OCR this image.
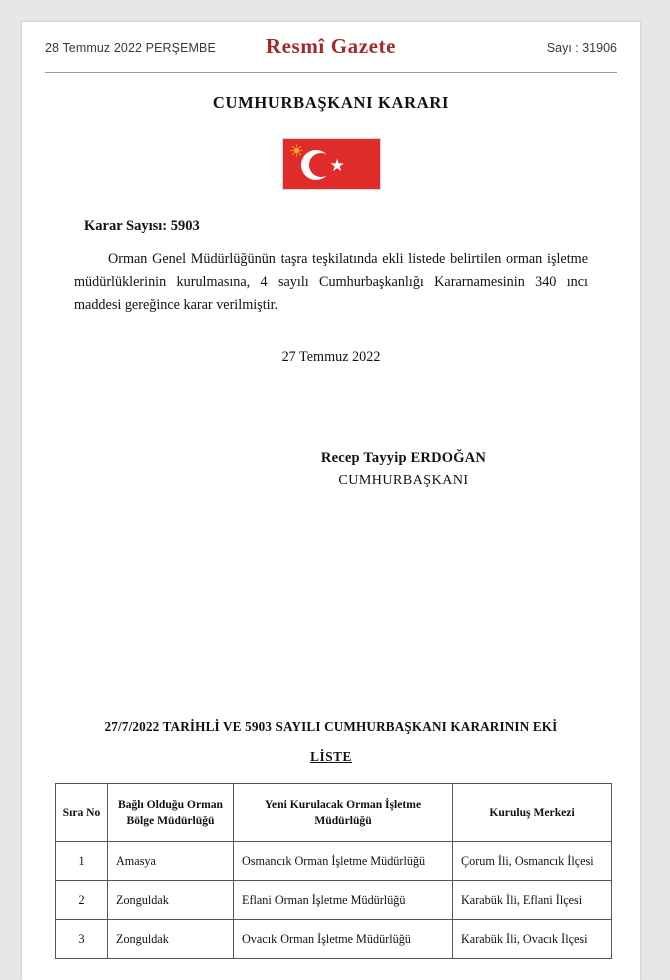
28 Temmuz 2022 PERŞEMBE	Resmî Gazete	Sayı : 31906
CUMHURBAŞKANI KARARI
★
Karar Sayısı: 5903
Orman Genel Müdürlüğünün taşra teşkilatında ekli listede belirtilen orman işletme müdürlüklerinin kurulmasına, 4 sayılı Cumhurbaşkanlığı Kararnamesinin 340 ıncı maddesi gereğince karar verilmiştir.
27 Temmuz 2022
Recep Tayyip ERDOĞAN
CUMHURBAŞKANI
27/7/2022 TARİHLİ VE 5903 SAYILI CUMHURBAŞKANI KARARININ EKİ
LİSTE
Sıra No	Bağlı Olduğu Orman Bölge Müdürlüğü	Yeni Kurulacak Orman İşletme Müdürlüğü	Kuruluş Merkezi
1	Amasya	Osmancık Orman İşletme Müdürlüğü	Çorum İli, Osmancık İlçesi
2	Zonguldak	Eflani Orman İşletme Müdürlüğü	Karabük İli, Eflani İlçesi
3	Zonguldak	Ovacık Orman İşletme Müdürlüğü	Karabük İli, Ovacık İlçesi
